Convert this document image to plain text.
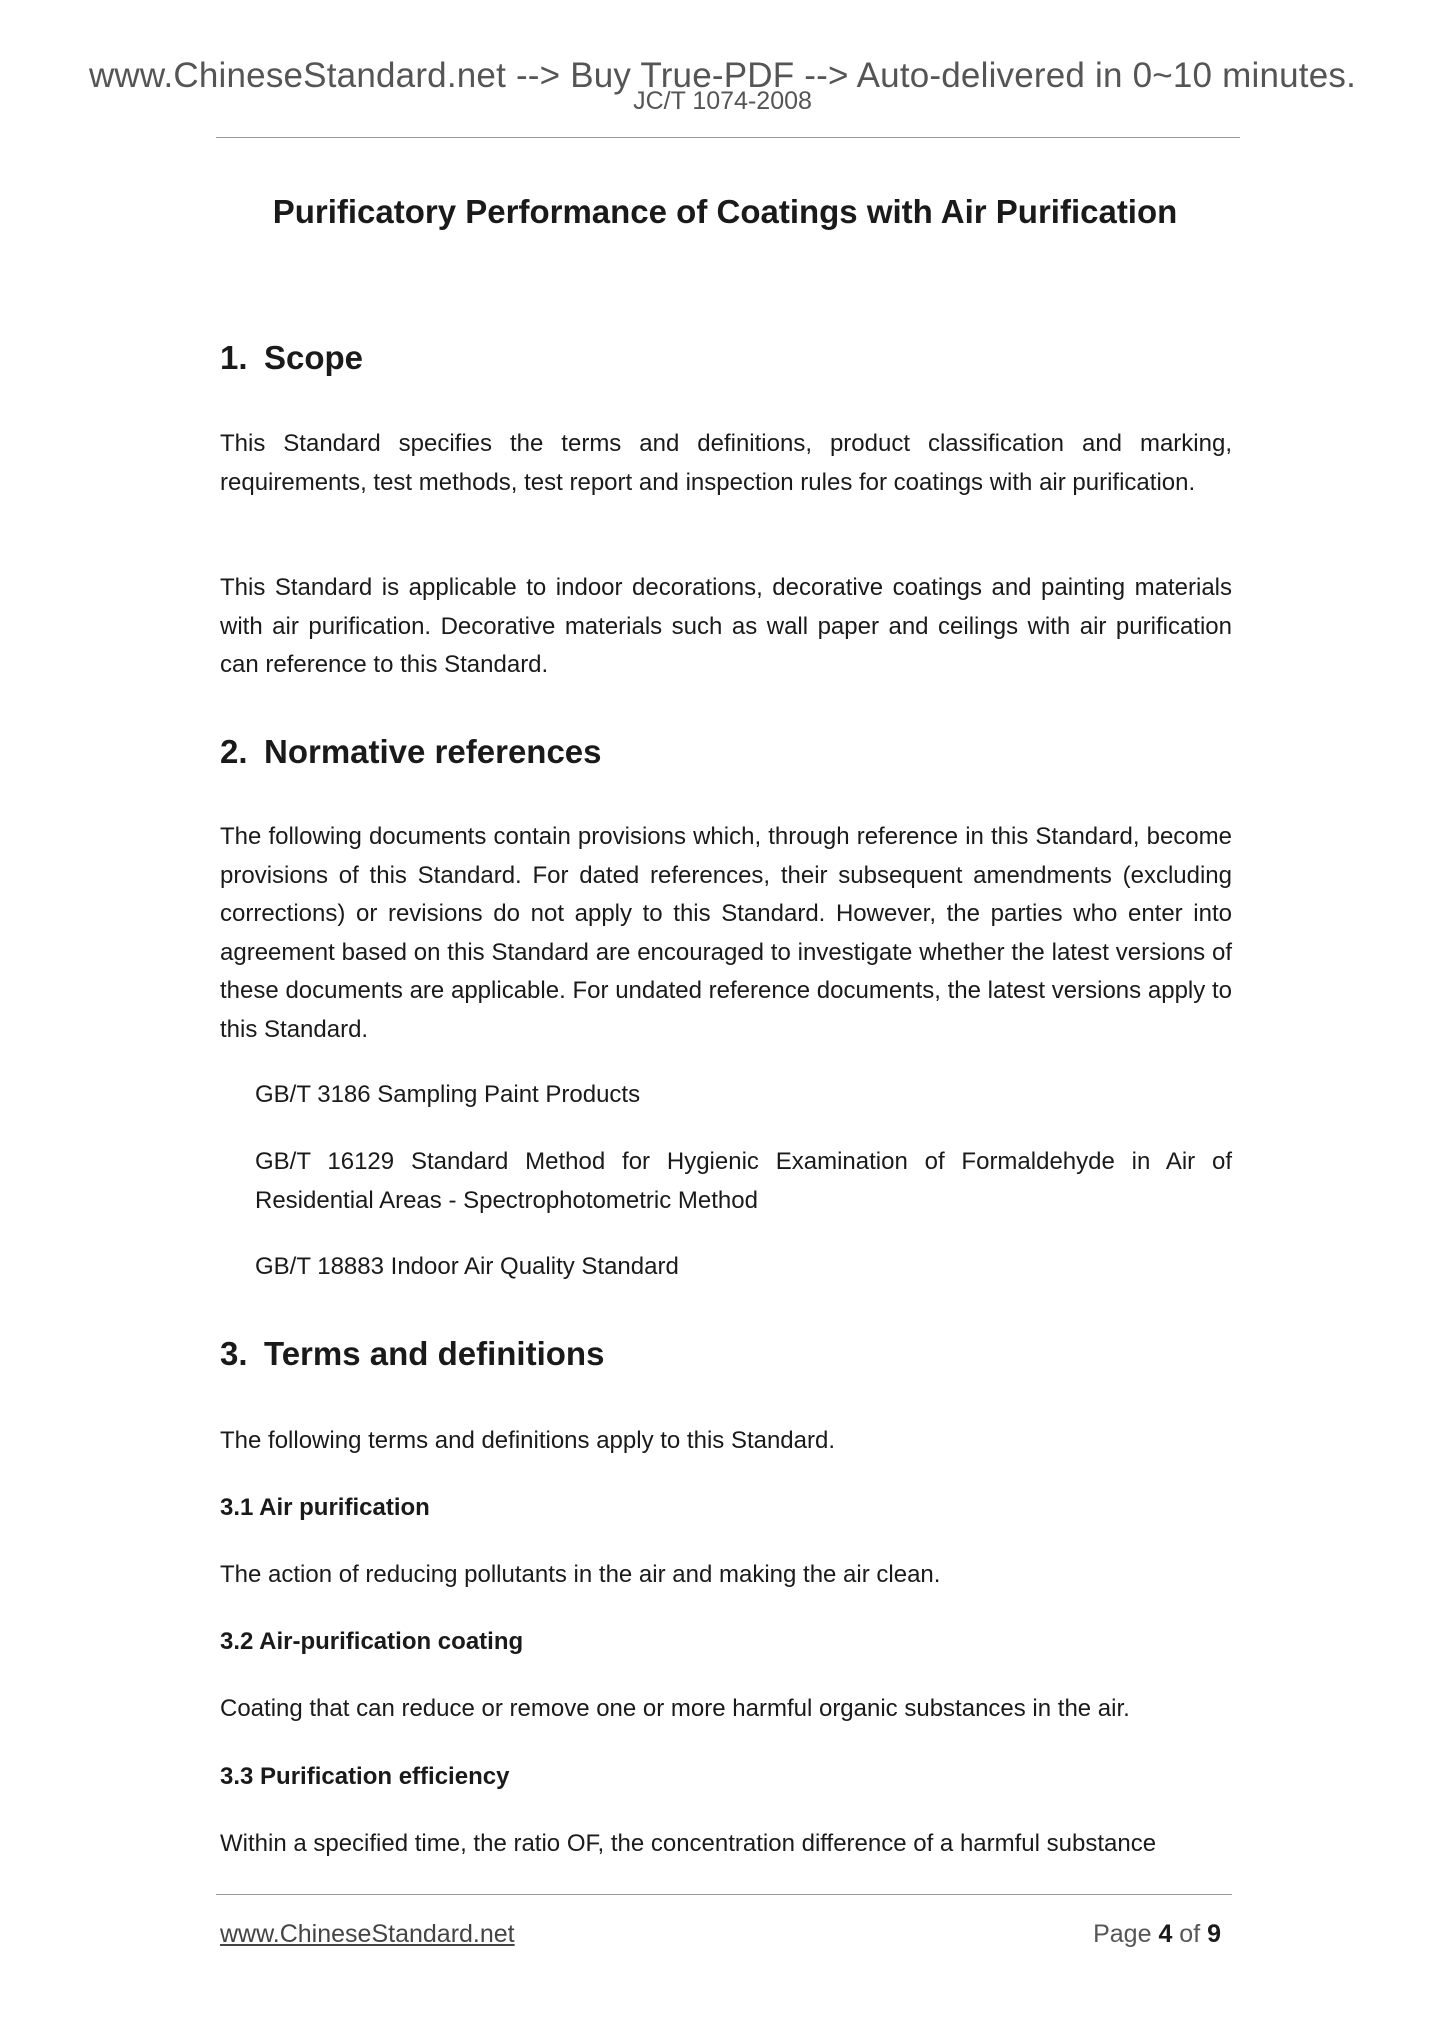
www.ChineseStandard.net --> Buy True-PDF --> Auto-delivered in 0~10 minutes.
JC/T 1074-2008
Purificatory Performance of Coatings with Air Purification
1. Scope
This Standard specifies the terms and definitions, product classification and marking, requirements, test methods, test report and inspection rules for coatings with air purification.
This Standard is applicable to indoor decorations, decorative coatings and painting materials with air purification. Decorative materials such as wall paper and ceilings with air purification can reference to this Standard.
2. Normative references
The following documents contain provisions which, through reference in this Standard, become provisions of this Standard. For dated references, their subsequent amendments (excluding corrections) or revisions do not apply to this Standard. However, the parties who enter into agreement based on this Standard are encouraged to investigate whether the latest versions of these documents are applicable. For undated reference documents, the latest versions apply to this Standard.
GB/T 3186 Sampling Paint Products
GB/T 16129 Standard Method for Hygienic Examination of Formaldehyde in Air of Residential Areas - Spectrophotometric Method
GB/T 18883 Indoor Air Quality Standard
3. Terms and definitions
The following terms and definitions apply to this Standard.
3.1 Air purification
The action of reducing pollutants in the air and making the air clean.
3.2 Air-purification coating
Coating that can reduce or remove one or more harmful organic substances in the air.
3.3 Purification efficiency
Within a specified time, the ratio OF, the concentration difference of a harmful substance
www.ChineseStandard.net	Page 4 of 9
